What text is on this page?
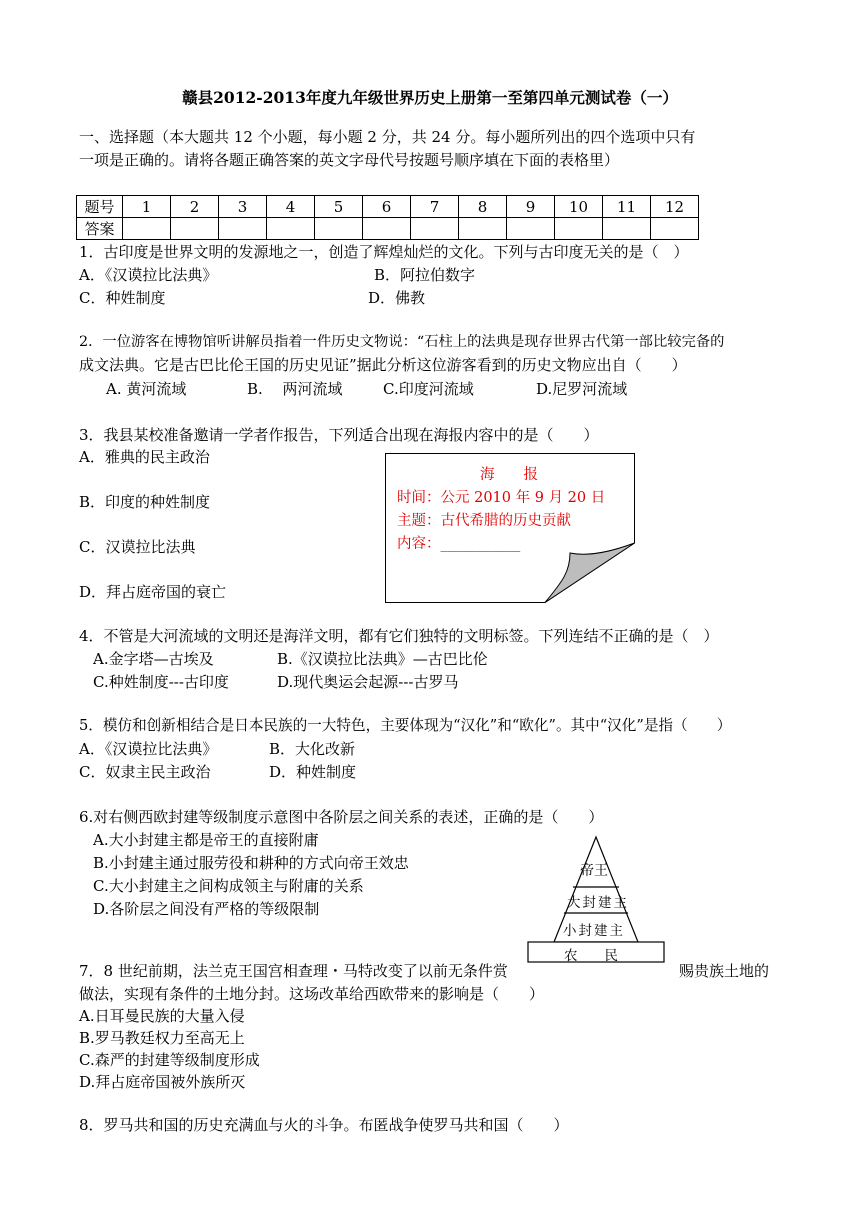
赣县2012-2013年度九年级世界历史上册第一至第四单元测试卷（一）
一、选择题（本大题共 12 个小题，每小题 2 分，共 24 分。每小题所列出的四个选项中只有
一项是正确的。请将各题正确答案的英文字母代号按题号顺序填在下面的表格里）
题号	1	2	3	4	5	6	7	8	9	10	11	12
答案												
1．古印度是世界文明的发源地之一，创造了辉煌灿烂的文化。下列与古印度无关的是（　）
A．《汉谟拉比法典》	B．阿拉伯数字
C．种姓制度	D．佛教
2．一位游客在博物馆听讲解员指着一件历史文物说：“石柱上的法典是现存世界古代第一部比较完备的
成文法典。它是古巴比伦王国的历史见证”据此分析这位游客看到的历史文物应出自（　　）
A. 黄河流域	B.　 两河流域	C.印度河流域	D.尼罗河流域
3．我县某校准备邀请一学者作报告，下列适合出现在海报内容中的是（　　）
A．雅典的民主政治
B．印度的种姓制度
C．汉谟拉比法典
D．拜占庭帝国的衰亡
海　　报
时间：公元 2010 年 9 月 20 日
主题：古代希腊的历史贡献
内容：___________
4．不管是大河流域的文明还是海洋文明，都有它们独特的文明标签。下列连结不正确的是（　）
A.金字塔—古埃及	B.《汉谟拉比法典》—古巴比伦
C.种姓制度---古印度	D.现代奥运会起源---古罗马
5．模仿和创新相结合是日本民族的一大特色，主要体现为“汉化”和“欧化”。其中“汉化”是指（　　）
A．《汉谟拉比法典》	B．大化改新
C．奴隶主民主政治	D．种姓制度
6.对右侧西欧封建等级制度示意图中各阶层之间关系的表述，正确的是（　　）
A.大小封建主都是帝王的直接附庸
B.小封建主通过服劳役和耕种的方式向帝王效忠
C.大小封建主之间构成领主与附庸的关系
D.各阶层之间没有严格的等级限制
帝王
大封建主
小封建主
农　　民
7．8 世纪前期，法兰克王国宫相查理・马特改变了以前无条件赏	赐贵族土地的
做法，实现有条件的土地分封。这场改革给西欧带来的影响是（　　）
A.日耳曼民族的大量入侵
B.罗马教廷权力至高无上
C.森严的封建等级制度形成
D.拜占庭帝国被外族所灭
8．罗马共和国的历史充满血与火的斗争。布匿战争使罗马共和国（　　）
